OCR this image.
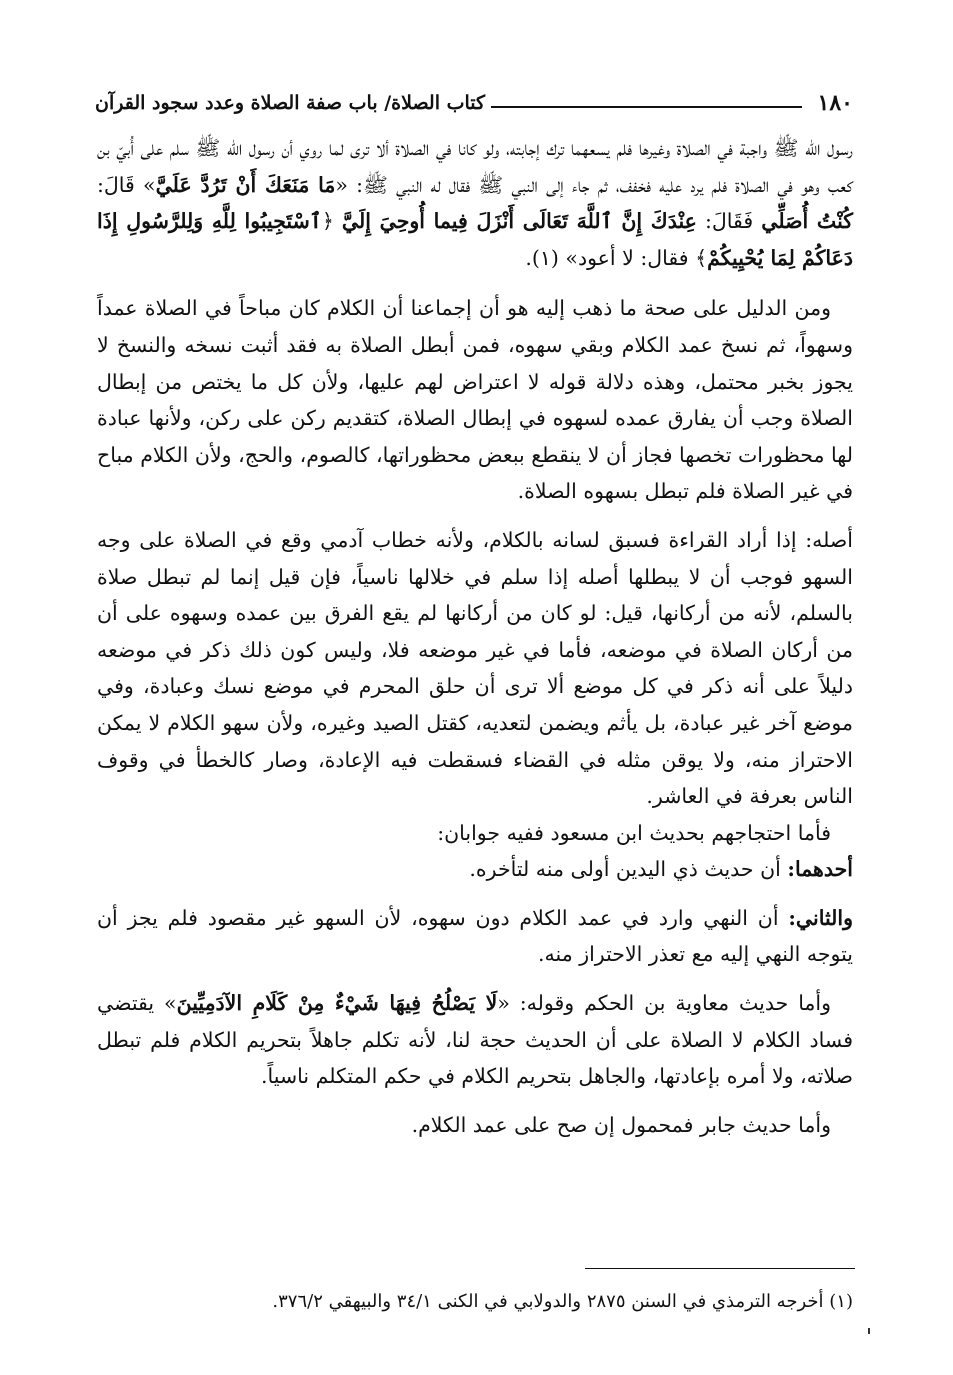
١٨٠
كتاب الصلاة/ باب صفة الصلاة وعدد سجود القرآن

رسول الله ﷺ واجبة في الصلاة وغيرها فلم يسعهما ترك إجابته، ولو كانا في الصلاة ألا ترى لما روي أن رسول الله ﷺ سلم على أُبيّ بن كعب وهو في الصلاة فلم يرد عليه فخفف، ثم جاء إلى النبي ﷺ فقال له النبي ﷺ: «مَا مَنَعَكَ أَنْ تَرُدَّ عَلَيَّ» قَالَ: كُنْتُ أُصَلِّي فَقَالَ: عِنْدَكَ إِنَّ ٱللَّهَ تَعَالَى أَنْزَلَ فِيما أُوحِيَ إِلَيَّ ﴿ٱسْتَجِيبُوا لِلَّهِ وَلِلرَّسُولِ إِذَا دَعَاكُمْ لِمَا يُحْيِيكُمْ﴾ فقال: لا أعود» (١).

ومن الدليل على صحة ما ذهب إليه هو أن إجماعنا أن الكلام كان مباحاً في الصلاة عمداً وسهواً، ثم نسخ عمد الكلام وبقي سهوه، فمن أبطل الصلاة به فقد أثبت نسخه والنسخ لا يجوز بخبر محتمل، وهذه دلالة قوله لا اعتراض لهم عليها، ولأن كل ما يختص من إبطال الصلاة وجب أن يفارق عمده لسهوه في إبطال الصلاة، كتقديم ركن على ركن، ولأنها عبادة لها محظورات تخصها فجاز أن لا ينقطع ببعض محظوراتها، كالصوم، والحج، ولأن الكلام مباح في غير الصلاة فلم تبطل بسهوه الصلاة.

أصله: إذا أراد القراءة فسبق لسانه بالكلام، ولأنه خطاب آدمي وقع في الصلاة على وجه السهو فوجب أن لا يبطلها أصله إذا سلم في خلالها ناسياً، فإن قيل إنما لم تبطل صلاة بالسلم، لأنه من أركانها، قيل: لو كان من أركانها لم يقع الفرق بين عمده وسهوه على أن من أركان الصلاة في موضعه، فأما في غير موضعه فلا، وليس كون ذلك ذكر في موضعه دليلاً على أنه ذكر في كل موضع ألا ترى أن حلق المحرم في موضع نسك وعبادة، وفي موضع آخر غير عبادة، بل يأثم ويضمن لتعديه، كقتل الصيد وغيره، ولأن سهو الكلام لا يمكن الاحتراز منه، ولا يوقن مثله في القضاء فسقطت فيه الإعادة، وصار كالخطأ في وقوف الناس بعرفة في العاشر.

فأما احتجاجهم بحديث ابن مسعود ففيه جوابان:

أحدهما: أن حديث ذي اليدين أولى منه لتأخره.

والثاني: أن النهي وارد في عمد الكلام دون سهوه، لأن السهو غير مقصود فلم يجز أن يتوجه النهي إليه مع تعذر الاحتراز منه.

وأما حديث معاوية بن الحكم وقوله: «لَا يَصْلُحُ فِيهَا شَيْءٌ مِنْ كَلَامِ الآدَمِيِّينَ» يقتضي فساد الكلام لا الصلاة على أن الحديث حجة لنا، لأنه تكلم جاهلاً بتحريم الكلام فلم تبطل صلاته، ولا أمره بإعادتها، والجاهل بتحريم الكلام في حكم المتكلم ناسياً.

وأما حديث جابر فمحمول إن صح على عمد الكلام.

(١) أخرجه الترمذي في السنن ٢٨٧٥ والدولابي في الكنى ٣٤/١ والبيهقي ٣٧٦/٢.
